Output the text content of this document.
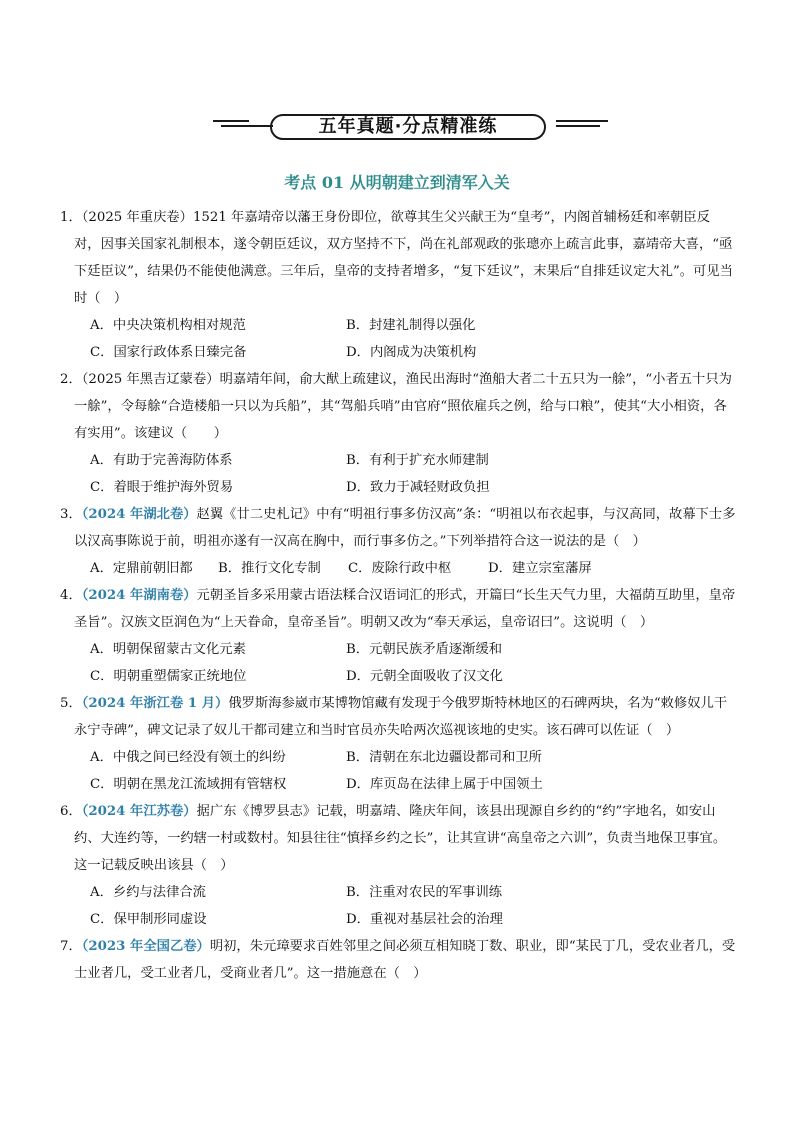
五年真题·分点精准练
考点 01 从明朝建立到清军入关
1．（2025 年重庆卷）1521 年嘉靖帝以藩王身份即位，欲尊其生父兴献王为“皇考”，内阁首辅杨廷和率朝臣反对，因事关国家礼制根本，遂令朝臣廷议，双方坚持不下，尚在礼部观政的张璁亦上疏言此事，嘉靖帝大喜，“亟下廷臣议”，结果仍不能使他满意。三年后，皇帝的支持者增多，“复下廷议”，末果后“自排廷议定大礼”。可见当时（　）
A．中央决策机构相对规范	B．封建礼制得以强化
C．国家行政体系日臻完备	D．内阁成为决策机构
2．（2025 年黑吉辽蒙卷）明嘉靖年间，俞大猷上疏建议，渔民出海时“渔船大者二十五只为一艅”，“小者五十只为一艅”，令每艅“合造楼船一只以为兵船”，其“驾船兵哨”由官府“照依雇兵之例，给与口粮”，使其“大小相资，各有实用”。该建议（　　）
A．有助于完善海防体系	B．有利于扩充水师建制
C．着眼于维护海外贸易	D．致力于减轻财政负担
3．（2024 年湖北卷）赵翼《廿二史札记》中有“明祖行事多仿汉高”条：“明祖以布衣起事，与汉高同，故幕下士多以汉高事陈说于前，明祖亦遂有一汉高在胸中，而行事多仿之。”下列举措符合这一说法的是（　）
A．定鼎前朝旧都	B．推行文化专制	C．废除行政中枢	D．建立宗室藩屏
4．（2024 年湖南卷）元朝圣旨多采用蒙古语法糅合汉语词汇的形式，开篇曰“长生天气力里，大福荫互助里，皇帝圣旨”。汉族文臣润色为“上天眷命，皇帝圣旨”。明朝又改为“奉天承运，皇帝诏曰”。这说明（　）
A．明朝保留蒙古文化元素	B．元朝民族矛盾逐渐缓和
C．明朝重塑儒家正统地位	D．元朝全面吸收了汉文化
5．（2024 年浙江卷 1 月）俄罗斯海参崴市某博物馆藏有发现于今俄罗斯特林地区的石碑两块，名为“敕修奴儿干永宁寺碑”，碑文记录了奴儿干都司建立和当时官员亦失哈两次巡视该地的史实。该石碑可以佐证（　）
A．中俄之间已经没有领土的纠纷	B．清朝在东北边疆设都司和卫所
C．明朝在黑龙江流域拥有管辖权	D．库页岛在法律上属于中国领土
6．（2024 年江苏卷）据广东《博罗县志》记载，明嘉靖、隆庆年间，该县出现源自乡约的“约”字地名，如安山约、大连约等，一约辖一村或数村。知县往往“慎择乡约之长”，让其宣讲“高皇帝之六训”，负责当地保卫事宜。这一记载反映出该县（　）
A．乡约与法律合流	B．注重对农民的军事训练
C．保甲制形同虚设	D．重视对基层社会的治理
7．（2023 年全国乙卷）明初，朱元璋要求百姓邻里之间必须互相知晓丁数、职业，即“某民丁几，受农业者几，受士业者几，受工业者几，受商业者几”。这一措施意在（　）
